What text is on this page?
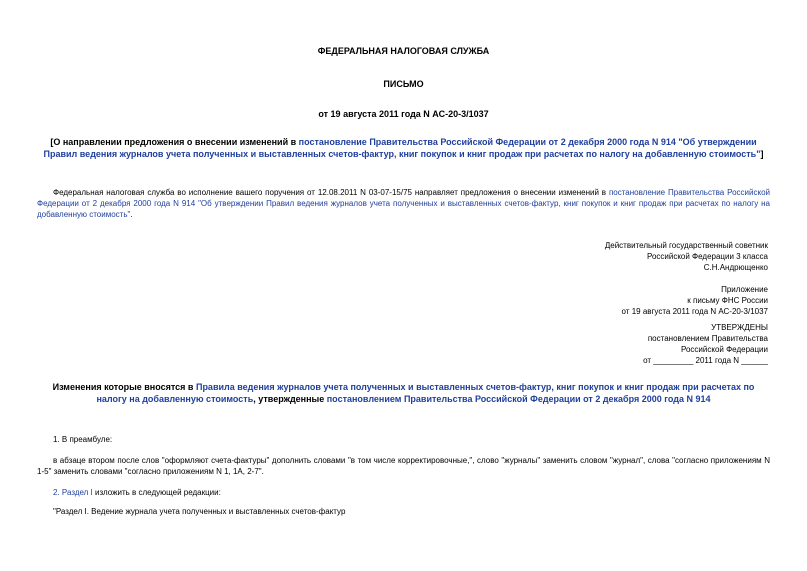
ФЕДЕРАЛЬНАЯ НАЛОГОВАЯ СЛУЖБА
ПИСЬМО
от 19 августа 2011 года N АС-20-3/1037
[О направлении предложения о внесении изменений в постановление Правительства Российской Федерации от 2 декабря 2000 года N 914 "Об утверждении Правил ведения журналов учета полученных и выставленных счетов-фактур, книг покупок и книг продаж при расчетах по налогу на добавленную стоимость"]
Федеральная налоговая служба во исполнение вашего поручения от 12.08.2011 N 03-07-15/75 направляет предложения о внесении изменений в постановление Правительства Российской Федерации от 2 декабря 2000 года N 914 "Об утверждении Правил ведения журналов учета полученных и выставленных счетов-фактур, книг покупок и книг продаж при расчетах по налогу на добавленную стоимость".
Действительный государственный советник
Российской Федерации 3 класса
С.Н.Андрющенко
Приложение
к письму ФНС России
от 19 августа 2011 года N АС-20-3/1037
УТВЕРЖДЕНЫ
постановлением Правительства
Российской Федерации
от _________ 2011 года N ______
Изменения которые вносятся в Правила ведения журналов учета полученных и выставленных счетов-фактур, книг покупок и книг продаж при расчетах по налогу на добавленную стоимость, утвержденные постановлением Правительства Российской Федерации от 2 декабря 2000 года N 914
1. В преамбуле:
в абзаце втором после слов "оформляют счета-фактуры" дополнить словами "в том числе корректировочные,", слово "журналы" заменить словом "журнал", слова "согласно приложениям N 1-5" заменить словами "согласно приложениям N 1, 1А, 2-7".
2. Раздел I изложить в следующей редакции:
"Раздел I. Ведение журнала учета полученных и выставленных счетов-фактур
